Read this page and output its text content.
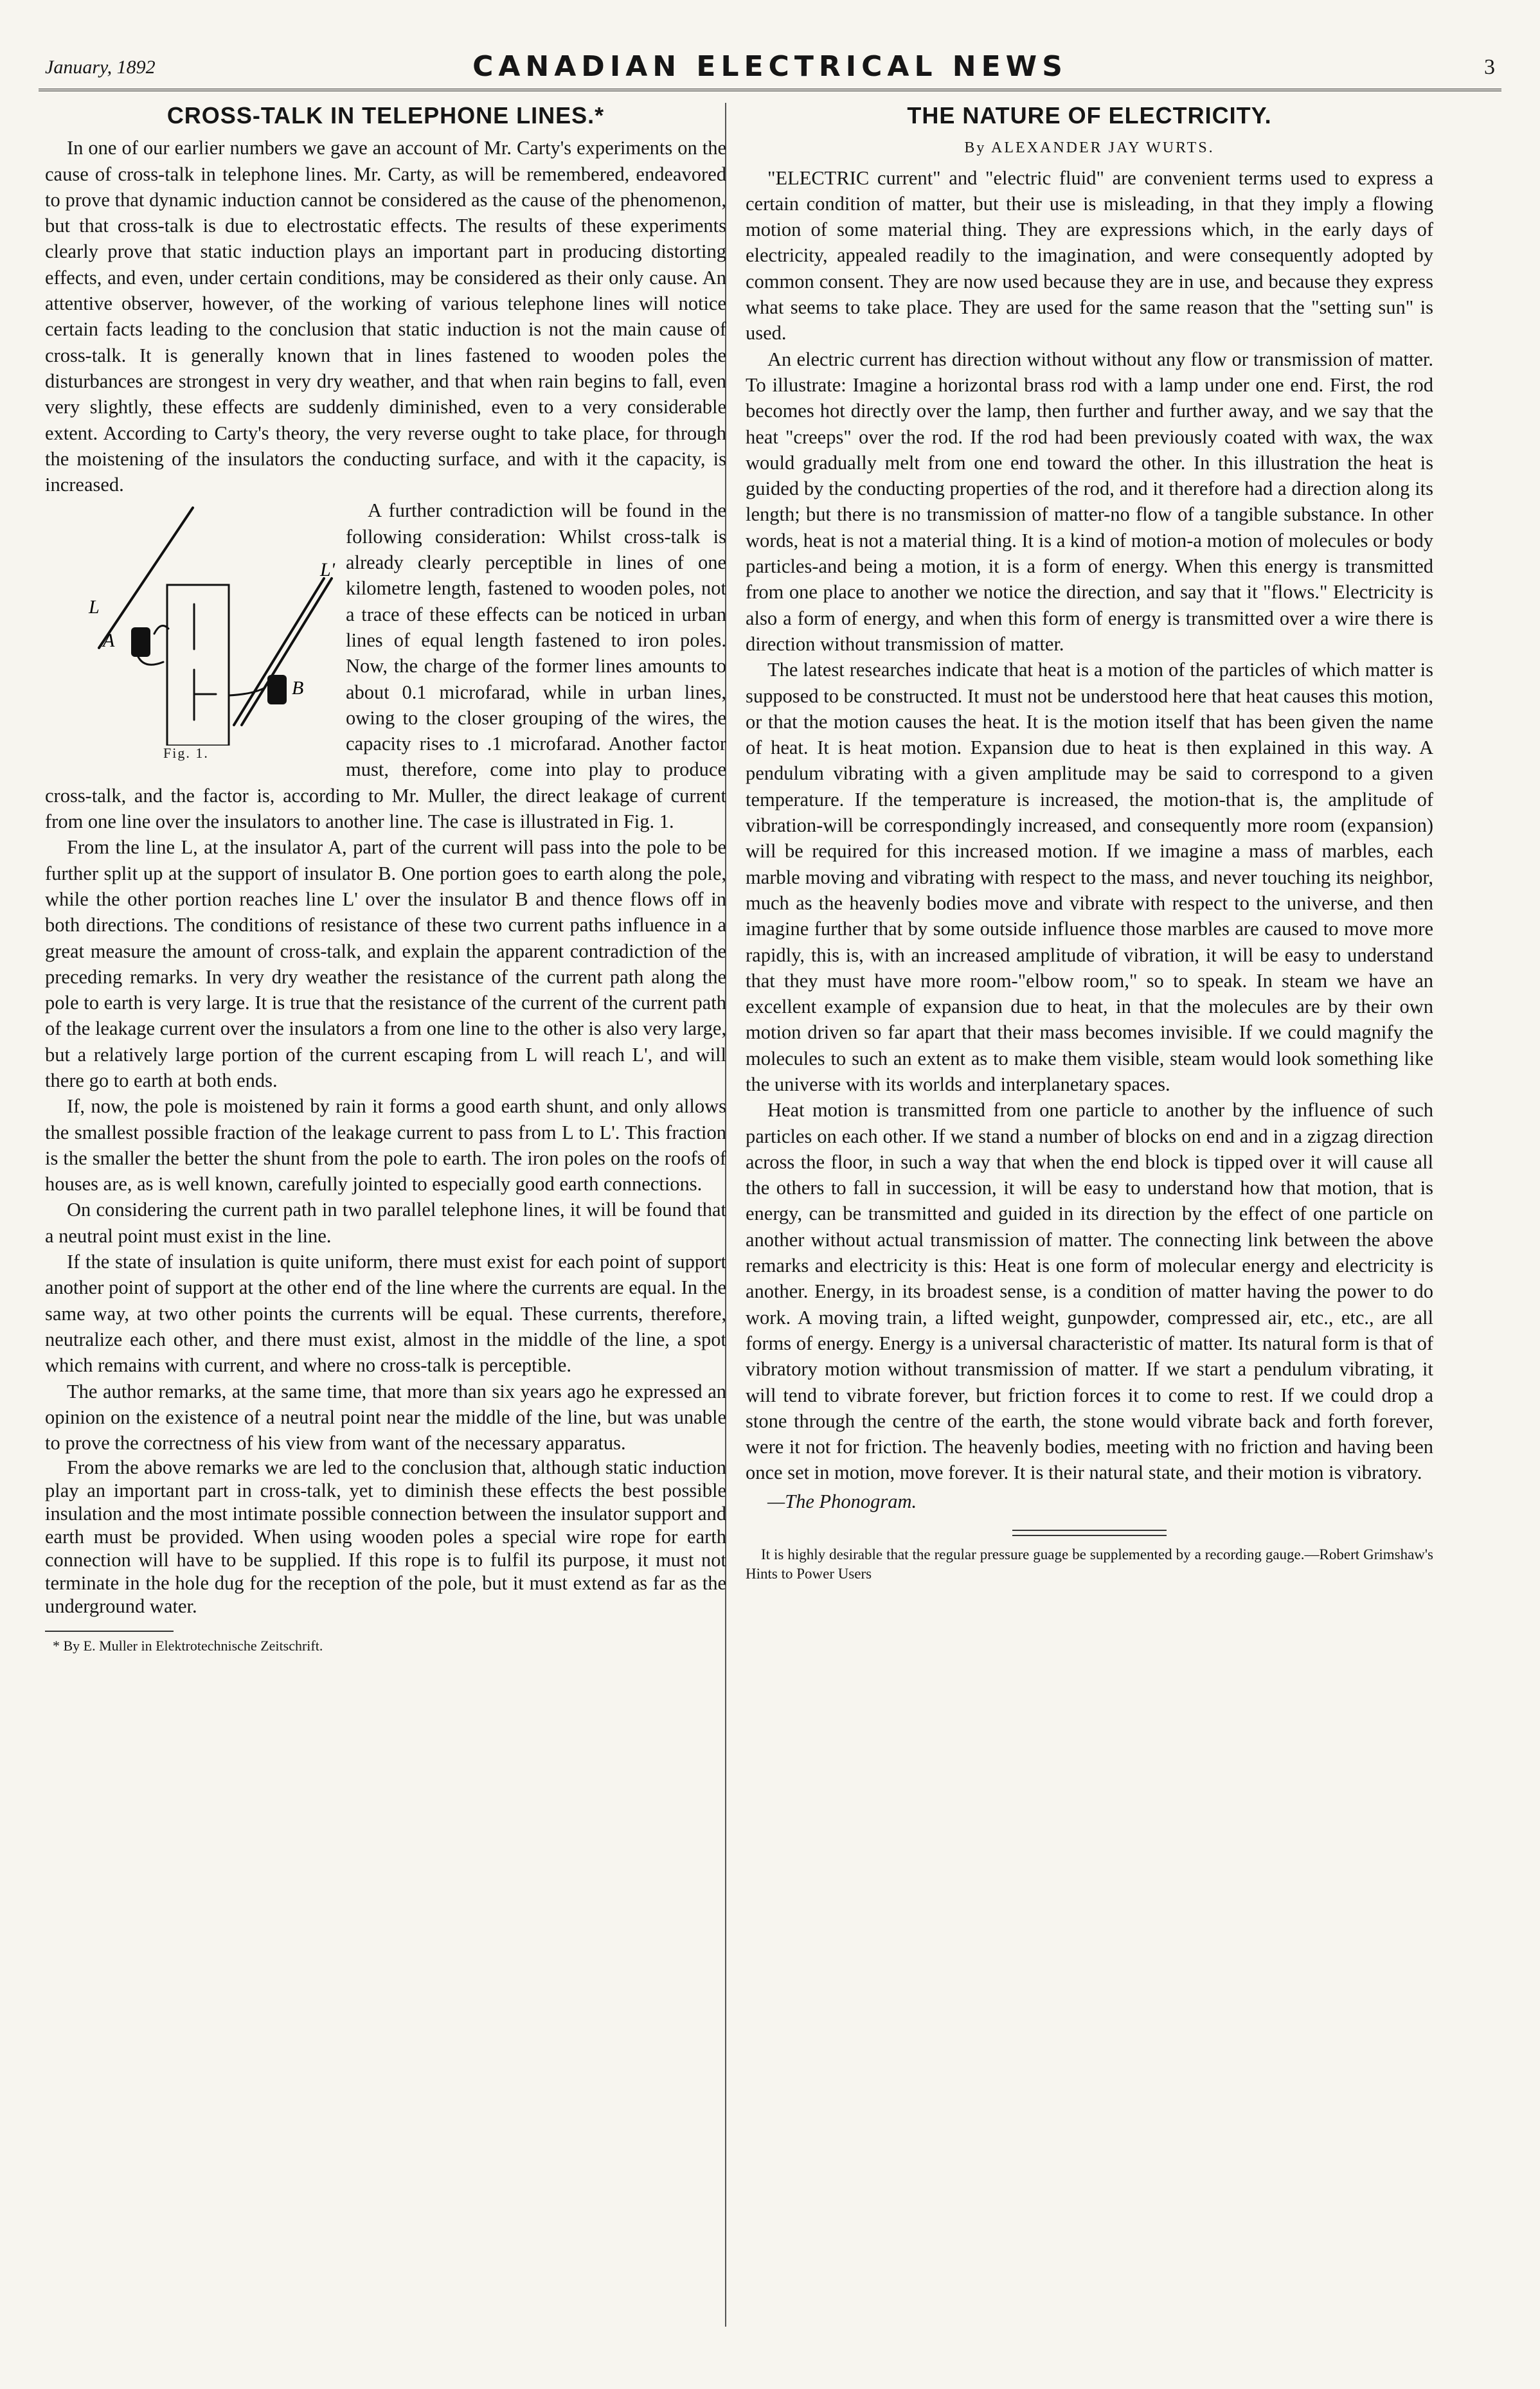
January, 1892	CANADIAN ELECTRICAL NEWS	3
CROSS-TALK IN TELEPHONE LINES.*

In one of our earlier numbers we gave an account of Mr. Carty's experiments on the cause of cross-talk in telephone lines. Mr. Carty, as will be remembered, endeavored to prove that dynamic induction cannot be considered as the cause of the phenomenon, but that cross-talk is due to electrostatic effects. The results of these experiments clearly prove that static induction plays an important part in producing distorting effects, and even, under certain conditions, may be considered as their only cause. An attentive observer, however, of the working of various telephone lines will notice certain facts leading to the conclusion that static induction is not the main cause of cross-talk. It is generally known that in lines fastened to wooden poles the disturbances are strongest in very dry weather, and that when rain begins to fall, even very slightly, these effects are suddenly diminished, even to a very considerable extent. According to Carty's theory, the very reverse ought to take place, for through the moistening of the insulators the conducting surface, and with it the capacity, is increased.

L
A
L'
B
Fig. 1.

A further contradiction will be found in the following consideration: Whilst cross-talk is already clearly perceptible in lines of one kilometre length, fastened to wooden poles, not a trace of these effects can be noticed in urban lines of equal length fastened to iron poles. Now, the charge of the former lines amounts to about 0.1 microfarad, while in urban lines, owing to the closer grouping of the wires, the capacity rises to .1 microfarad. Another factor must, therefore, come into play to produce cross-talk, and the factor is, according to Mr. Muller, the direct leakage of current from one line over the insulators to another line. The case is illustrated in Fig. 1.

From the line L, at the insulator A, part of the current will pass into the pole to be further split up at the support of insulator B. One portion goes to earth along the pole, while the other portion reaches line L' over the insulator B and thence flows off in both directions. The conditions of resistance of these two current paths influence in a great measure the amount of cross-talk, and explain the apparent contradiction of the preceding remarks. In very dry weather the resistance of the current path along the pole to earth is very large. It is true that the resistance of the current of the current path of the leakage current over the insulators a from one line to the other is also very large, but a relatively large portion of the current escaping from L will reach L', and will there go to earth at both ends.

If, now, the pole is moistened by rain it forms a good earth shunt, and only allows the smallest possible fraction of the leakage current to pass from L to L'. This fraction is the smaller the better the shunt from the pole to earth. The iron poles on the roofs of houses are, as is well known, carefully jointed to especially good earth connections.

On considering the current path in two parallel telephone lines, it will be found that a neutral point must exist in the line.

If the state of insulation is quite uniform, there must exist for each point of support another point of support at the other end of the line where the currents are equal. In the same way, at two other points the currents will be equal. These currents, therefore, neutralize each other, and there must exist, almost in the middle of the line, a spot which remains with current, and where no cross-talk is perceptible.

The author remarks, at the same time, that more than six years ago he expressed an opinion on the existence of a neutral point near the middle of the line, but was unable to prove the correctness of his view from want of the necessary apparatus.

From the above remarks we are led to the conclusion that, although static induction play an important part in cross-talk, yet to diminish these effects the best possible insulation and the most intimate possible connection between the insulator support and earth must be provided. When using wooden poles a special wire rope for earth connection will have to be supplied. If this rope is to fulfil its purpose, it must not terminate in the hole dug for the reception of the pole, but it must extend as far as the underground water.

* By E. Muller in Elektrotechnische Zeitschrift.

THE NATURE OF ELECTRICITY.
By ALEXANDER JAY WURTS.

"ELECTRIC current" and "electric fluid" are convenient terms used to express a certain condition of matter, but their use is misleading, in that they imply a flowing motion of some material thing. They are expressions which, in the early days of electricity, appealed readily to the imagination, and were consequently adopted by common consent. They are now used because they are in use, and because they express what seems to take place. They are used for the same reason that the "setting sun" is used.

An electric current has direction without without any flow or transmission of matter. To illustrate: Imagine a horizontal brass rod with a lamp under one end. First, the rod becomes hot directly over the lamp, then further and further away, and we say that the heat "creeps" over the rod. If the rod had been previously coated with wax, the wax would gradually melt from one end toward the other. In this illustration the heat is guided by the conducting properties of the rod, and it therefore had a direction along its length; but there is no transmission of matter-no flow of a tangible substance. In other words, heat is not a material thing. It is a kind of motion-a motion of molecules or body particles-and being a motion, it is a form of energy. When this energy is transmitted from one place to another we notice the direction, and say that it "flows." Electricity is also a form of energy, and when this form of energy is transmitted over a wire there is direction without transmission of matter.

The latest researches indicate that heat is a motion of the particles of which matter is supposed to be constructed. It must not be understood here that heat causes this motion, or that the motion causes the heat. It is the motion itself that has been given the name of heat. It is heat motion. Expansion due to heat is then explained in this way. A pendulum vibrating with a given amplitude may be said to correspond to a given temperature. If the temperature is increased, the motion-that is, the amplitude of vibration-will be correspondingly increased, and consequently more room (expansion) will be required for this increased motion. If we imagine a mass of marbles, each marble moving and vibrating with respect to the mass, and never touching its neighbor, much as the heavenly bodies move and vibrate with respect to the universe, and then imagine further that by some outside influence those marbles are caused to move more rapidly, this is, with an increased amplitude of vibration, it will be easy to understand that they must have more room-"elbow room," so to speak. In steam we have an excellent example of expansion due to heat, in that the molecules are by their own motion driven so far apart that their mass becomes invisible. If we could magnify the molecules to such an extent as to make them visible, steam would look something like the universe with its worlds and interplanetary spaces.

Heat motion is transmitted from one particle to another by the influence of such particles on each other. If we stand a number of blocks on end and in a zigzag direction across the floor, in such a way that when the end block is tipped over it will cause all the others to fall in succession, it will be easy to understand how that motion, that is energy, can be transmitted and guided in its direction by the effect of one particle on another without actual transmission of matter. The connecting link between the above remarks and electricity is this: Heat is one form of molecular energy and electricity is another. Energy, in its broadest sense, is a condition of matter having the power to do work. A moving train, a lifted weight, gunpowder, compressed air, etc., etc., are all forms of energy. Energy is a universal characteristic of matter. Its natural form is that of vibratory motion without transmission of matter. If we start a pendulum vibrating, it will tend to vibrate forever, but friction forces it to come to rest. If we could drop a stone through the centre of the earth, the stone would vibrate back and forth forever, were it not for friction. The heavenly bodies, meeting with no friction and having been once set in motion, move forever. It is their natural state, and their motion is vibratory.

—The Phonogram.

It is highly desirable that the regular pressure guage be supplemented by a recording gauge.—Robert Grimshaw's Hints to Power Users
